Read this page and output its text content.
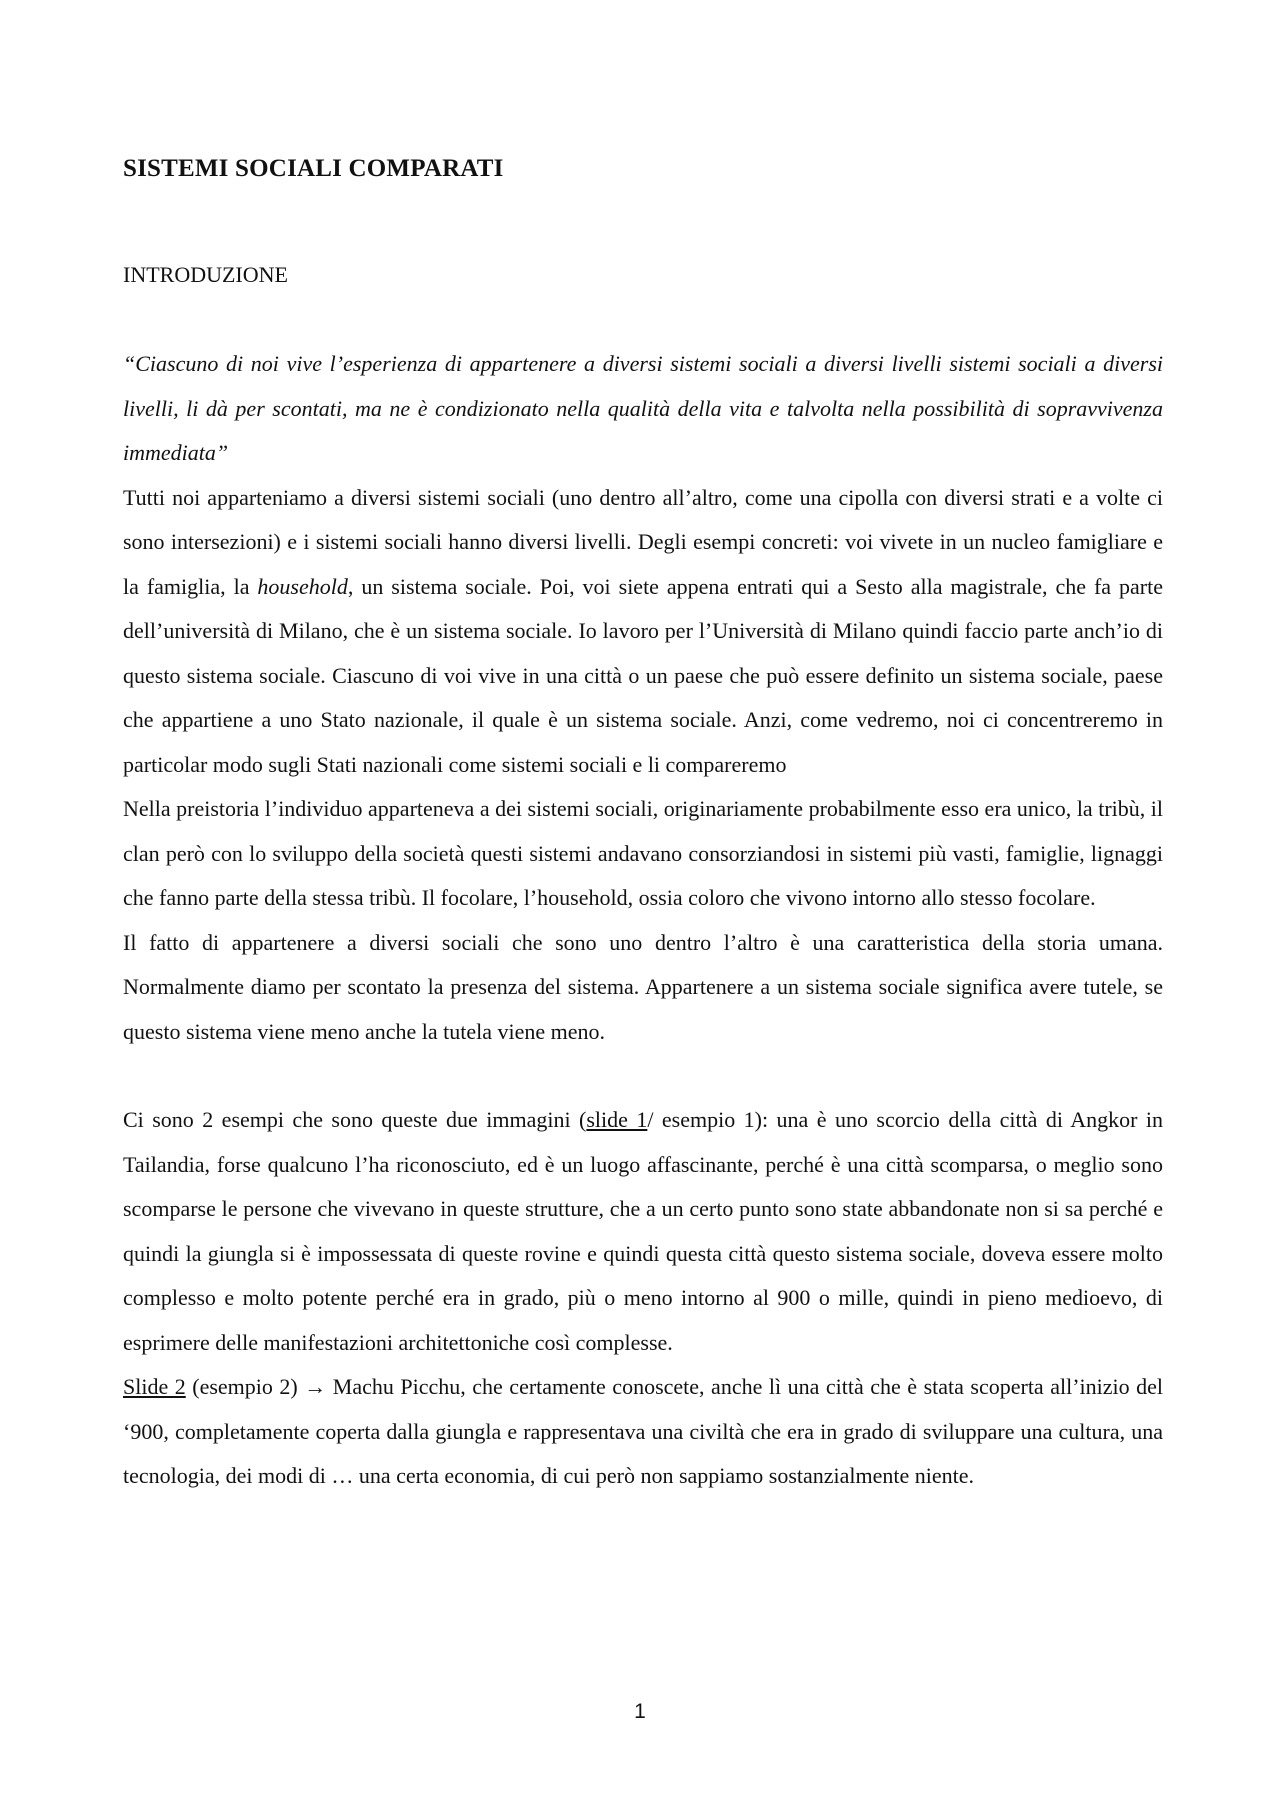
SISTEMI SOCIALI COMPARATI
INTRODUZIONE

“Ciascuno di noi vive l’esperienza di appartenere a diversi sistemi sociali a diversi livelli sistemi sociali a diversi livelli, li dà per scontati, ma ne è condizionato nella qualità della vita e talvolta nella possibilità di sopravvivenza immediata”

Tutti noi apparteniamo a diversi sistemi sociali (uno dentro all’altro, come una cipolla con diversi strati e a volte ci sono intersezioni) e i sistemi sociali hanno diversi livelli. Degli esempi concreti: voi vivete in un nucleo famigliare e la famiglia, la household, un sistema sociale. Poi, voi siete appena entrati qui a Sesto alla magistrale, che fa parte dell’università di Milano, che è un sistema sociale. Io lavoro per l’Università di Milano quindi faccio parte anch’io di questo sistema sociale. Ciascuno di voi vive in una città o un paese che può essere definito un sistema sociale, paese che appartiene a uno Stato nazionale, il quale è un sistema sociale. Anzi, come vedremo, noi ci concentreremo in particolar modo sugli Stati nazionali come sistemi sociali e li compareremo

Nella preistoria l’individuo apparteneva a dei sistemi sociali, originariamente probabilmente esso era unico, la tribù, il clan però con lo sviluppo della società questi sistemi andavano consorziandosi in sistemi più vasti, famiglie, lignaggi che fanno parte della stessa tribù. Il focolare, l’household, ossia coloro che vivono intorno allo stesso focolare.

Il fatto di appartenere a diversi sociali che sono uno dentro l’altro è una caratteristica della storia umana. Normalmente diamo per scontato la presenza del sistema. Appartenere a un sistema sociale significa avere tutele, se questo sistema viene meno anche la tutela viene meno.

Ci sono 2 esempi che sono queste due immagini (slide 1/ esempio 1): una è uno scorcio della città di Angkor in Tailandia, forse qualcuno l’ha riconosciuto, ed è un luogo affascinante, perché è una città scomparsa, o meglio sono scomparse le persone che vivevano in queste strutture, che a un certo punto sono state abbandonate non si sa perché e quindi la giungla si è impossessata di queste rovine e quindi questa città questo sistema sociale, doveva essere molto complesso e molto potente perché era in grado, più o meno intorno al 900 o mille, quindi in pieno medioevo, di esprimere delle manifestazioni architettoniche così complesse.

Slide 2 (esempio 2) → Machu Picchu, che certamente conoscete, anche lì una città che è stata scoperta all’inizio del ‘900, completamente coperta dalla giungla e rappresentava una civiltà che era in grado di sviluppare una cultura, una tecnologia, dei modi di … una certa economia, di cui però non sappiamo sostanzialmente niente.

1
